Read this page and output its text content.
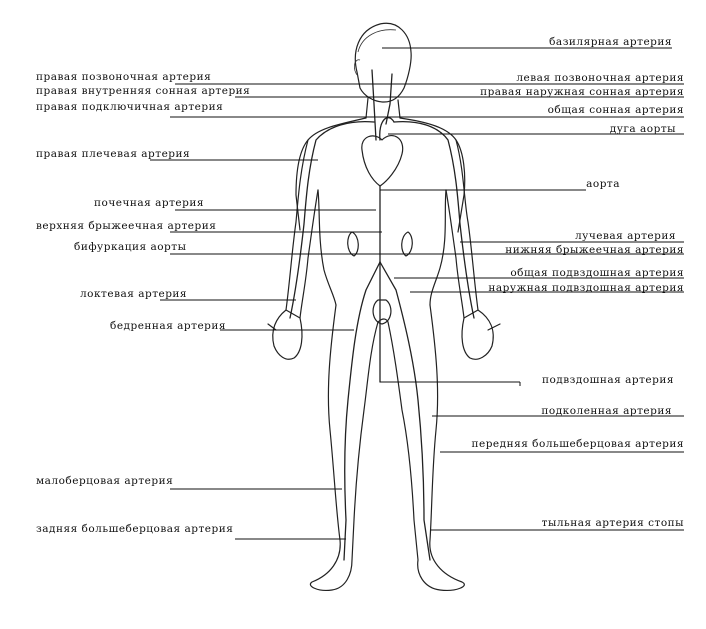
базилярная артерия
левая позвоночная артерия
правая наружная сонная артерия
общая сонная артерия
дуга аорты
аорта
лучевая артерия
нижняя брыжеечная артерия
общая подвздошная артерия
наружная подвздошная артерия
подвздошная артерия
подколенная артерия
передняя большеберцовая артерия
тыльная артерия стопы
правая позвоночная артерия
правая внутренняя сонная артерия
правая подключичная артерия
правая плечевая артерия
почечная артерия
верхняя брыжеечная артерия
бифуркация аорты
локтевая артерия
бедренная артерия
малоберцовая артерия
задняя большеберцовая артерия
